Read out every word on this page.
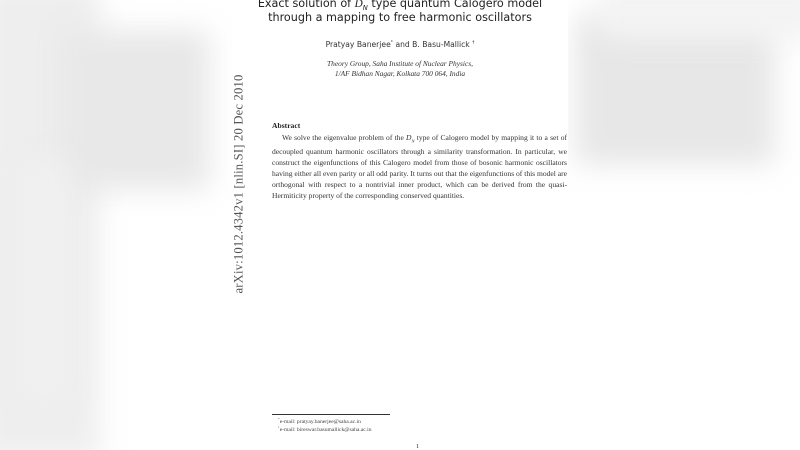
Exact solution of $D_N$ type quantum Calogero model
through a mapping to free harmonic oscillators
Pratyay Banerjee* and B. Basu-Mallick †
Theory Group, Saha Institute of Nuclear Physics,
1/AF Bidhan Nagar, Kolkata 700 064, India
arXiv:1012.4342v1 [nlin.SI] 20 Dec 2010	Abstract
We solve the eigenvalue problem of the $D_N$ type of Calogero model by mapping it to a set of decoupled quantum harmonic oscillators through a similarity transformation. In particular, we construct the eigenfunctions of this Calogero model from those of bosonic harmonic oscillators having either all even parity or all odd parity. It turns out that the eigenfunctions of this model are orthogonal with respect to a nontrivial inner product, which can be derived from the quasi-Hermiticity property of the corresponding conserved quantities.
*e-mail: pratyay.banerjee@saha.ac.in
†e-mail: bireswar.basumallick@saha.ac.in
1
